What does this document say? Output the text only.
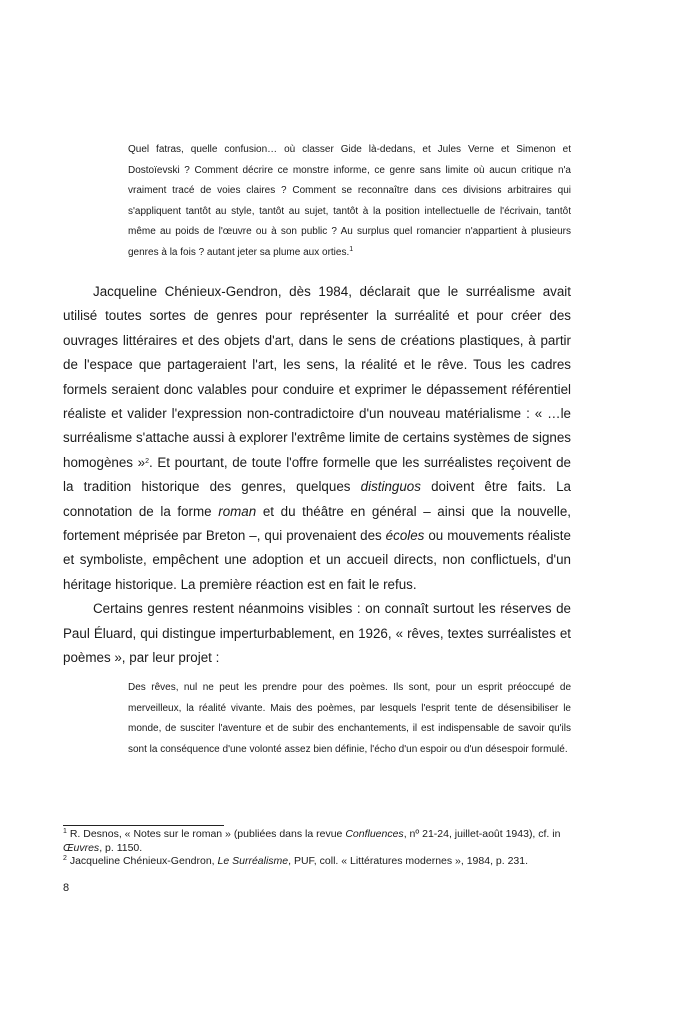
Quel fatras, quelle confusion… où classer Gide là-dedans, et Jules Verne et Simenon et Dostoïevski ? Comment décrire ce monstre informe, ce genre sans limite où aucun critique n'a vraiment tracé de voies claires ? Comment se reconnaître dans ces divisions arbitraires qui s'appliquent tantôt au style, tantôt au sujet, tantôt à la position intellectuelle de l'écrivain, tantôt même au poids de l'œuvre ou à son public ? Au surplus quel romancier n'appartient à plusieurs genres à la fois ? autant jeter sa plume aux orties.$^1$

Jacqueline Chénieux-Gendron, dès 1984, déclarait que le surréalisme avait utilisé toutes sortes de genres pour représenter la surréalité et pour créer des ouvrages littéraires et des objets d'art, dans le sens de créations plastiques, à partir de l'espace que partageraient l'art, les sens, la réalité et le rêve. Tous les cadres formels seraient donc valables pour conduire et exprimer le dépassement référentiel réaliste et valider l'expression non-contradictoire d'un nouveau matérialisme : « …le surréalisme s'attache aussi à explorer l'extrême limite de certains systèmes de signes homogènes »$^2$. Et pourtant, de toute l'offre formelle que les surréalistes reçoivent de la tradition historique des genres, quelques distinguos doivent être faits. La connotation de la forme roman et du théâtre en général – ainsi que la nouvelle, fortement méprisée par Breton –, qui provenaient des écoles ou mouvements réaliste et symboliste, empêchent une adoption et un accueil directs, non conflictuels, d'un héritage historique. La première réaction est en fait le refus.

Certains genres restent néanmoins visibles : on connaît surtout les réserves de Paul Éluard, qui distingue imperturbablement, en 1926, « rêves, textes surréalistes et poèmes », par leur projet :

Des rêves, nul ne peut les prendre pour des poèmes. Ils sont, pour un esprit préoccupé de merveilleux, la réalité vivante. Mais des poèmes, par lesquels l'esprit tente de désensibiliser le monde, de susciter l'aventure et de subir des enchantements, il est indispensable de savoir qu'ils sont la conséquence d'une volonté assez bien définie, l'écho d'un espoir ou d'un désespoir formulé.

$^1$ R. Desnos, « Notes sur le roman » (publiées dans la revue Confluences, nº 21-24, juillet-août 1943), cf. in Œuvres, p. 1150.

$^2$ Jacqueline Chénieux-Gendron, Le Surréalisme, PUF, coll. « Littératures modernes », 1984, p. 231.

8
